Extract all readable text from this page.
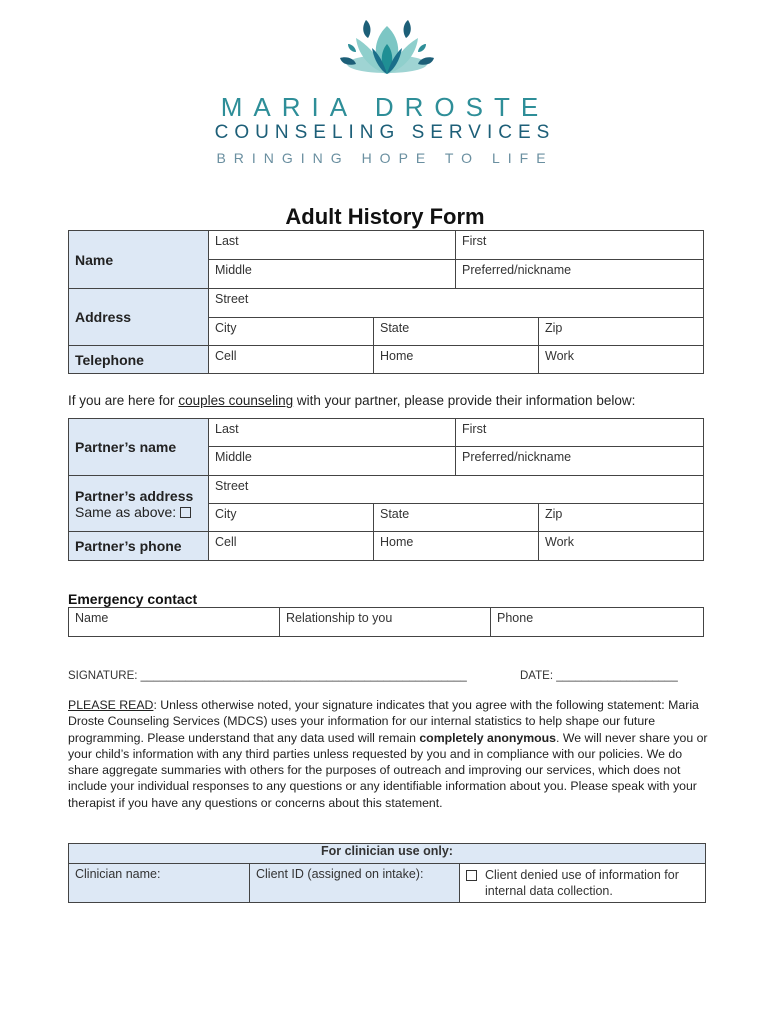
MARIA DROSTE
COUNSELING SERVICES
BRINGING HOPE TO LIFE
Adult History Form
Name	Last		First	

	Middle		Preferred/nickname	

Address	Street			

	City	State		Zip

Telephone	Cell	Home		Work
If you are here for couples counseling with your partner, please provide their information below:
Partner’s name	Last		First	

	Middle		Preferred/nickname	

Partner’s address
Same as above:	Street			

	City	State		Zip

Partner’s phone	Cell	Home		Work
Emergency contact
Name	Relationship to you	Phone
SIGNATURE: ___________________________________________________	DATE: ___________________
PLEASE READ: Unless otherwise noted, your signature indicates that you agree with the following statement: Maria Droste Counseling Services (MDCS) uses your information for our internal statistics to help shape our future programming. Please understand that any data used will remain completely anonymous. We will never share you or your child’s information with any third parties unless requested by you and in compliance with our policies. We do share aggregate summaries with others for the purposes of outreach and improving our services, which does not include your individual responses to any questions or any identifiable information about you. Please speak with your therapist if you have any questions or concerns about this statement.
For clinician use only:

Clinician name:	Client ID (assigned on intake):	Client denied use of information for internal data collection.
